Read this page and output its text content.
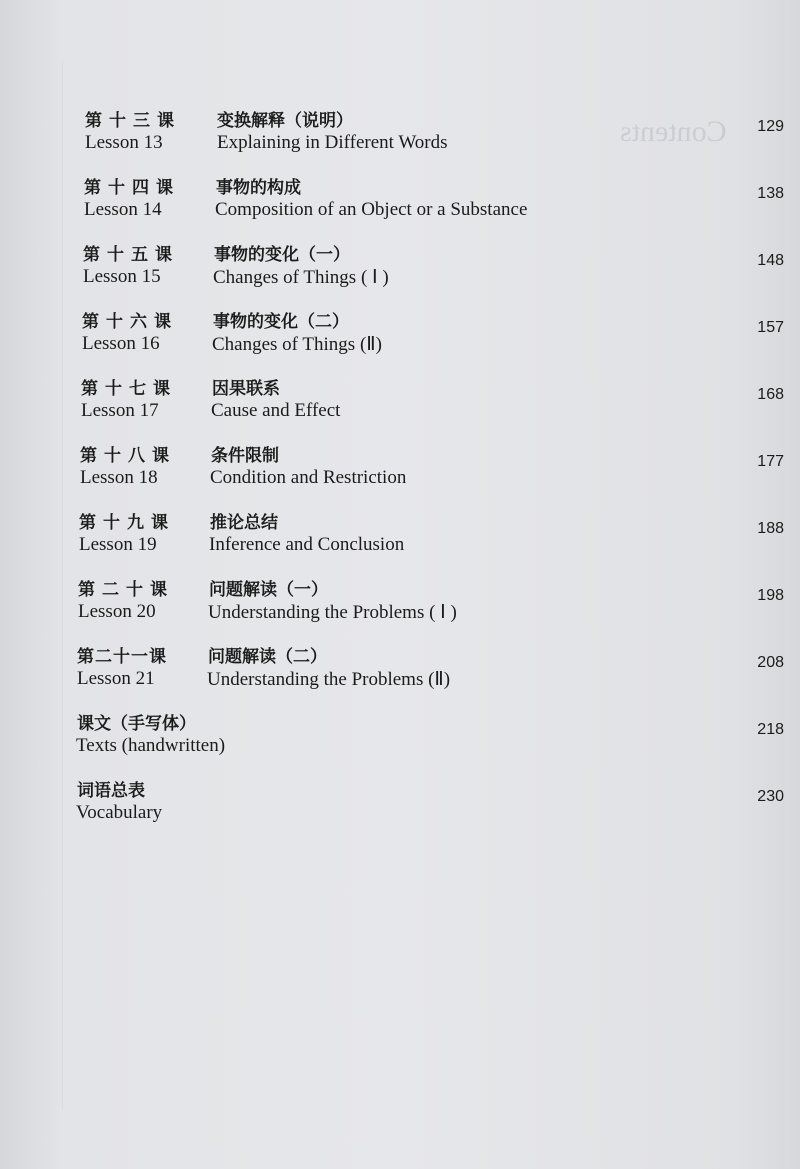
Contents
第十三课 变换解释（说明）
Lesson 13	Explaining in Different Words
129
第十四课 事物的构成
Lesson 14	Composition of an Object or a Substance
138
第十五课 事物的变化（一）
Lesson 15	Changes of Things ( Ⅰ )
148
第十六课 事物的变化（二）
Lesson 16	Changes of Things (Ⅱ)
157
第十七课 因果联系
Lesson 17	Cause and Effect
168
第十八课 条件限制
Lesson 18	Condition and Restriction
177
第十九课 推论总结
Lesson 19	Inference and Conclusion
188
第二十课 问题解读（一）
Lesson 20	Understanding the Problems ( Ⅰ )
198
第二十一课 问题解读（二）
Lesson 21	Understanding the Problems (Ⅱ)
208
课文（手写体）
Texts (handwritten)
218
词语总表
Vocabulary
230
